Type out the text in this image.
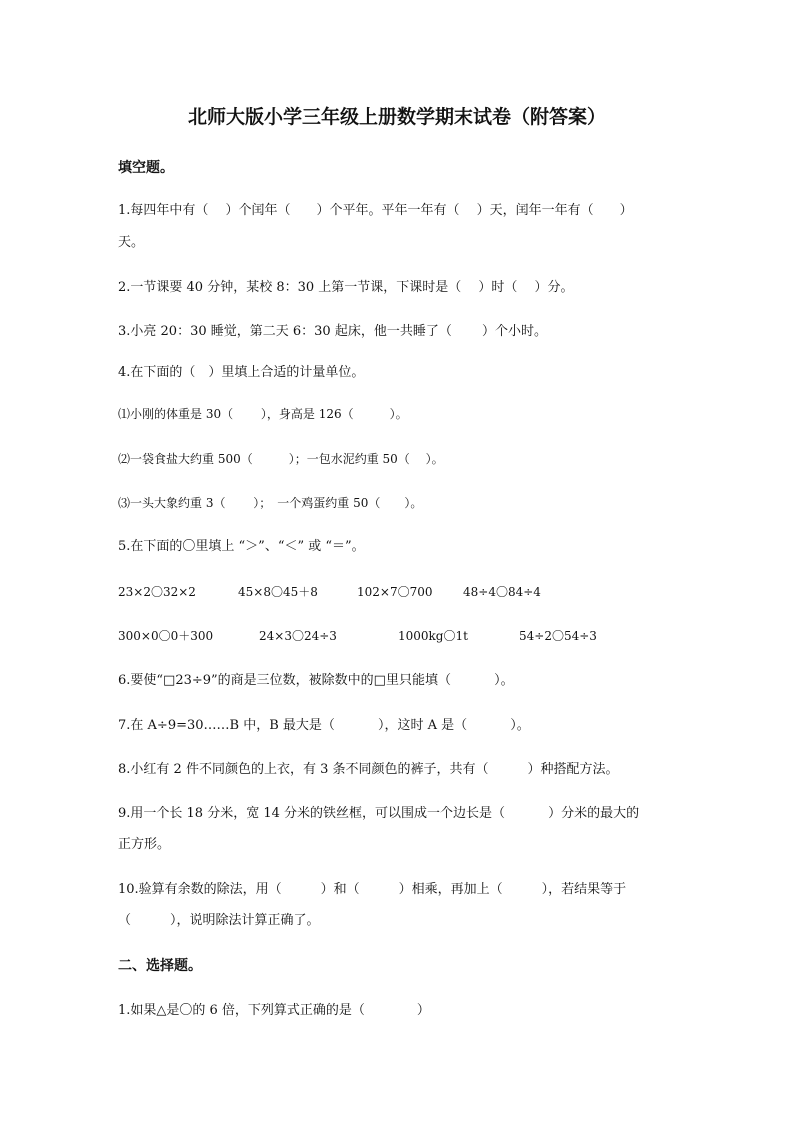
北师大版小学三年级上册数学期末试卷（附答案）
填空题。
1.每四年中有（　 ）个闰年（　　）个平年。平年一年有（　 ）天，闰年一年有（　　）
天。
2.一节课要 40 分钟，某校 8：30 上第一节课，下课时是（　 ）时（　 ）分。
3.小亮 20：30 睡觉，第二天 6：30 起床，他一共睡了（　　 ）个小时。
4.在下面的（　）里填上合适的计量单位。
⑴小刚的体重是 30（　　 ），身高是 126（　　　）。
⑵一袋食盐大约重 500（　　　）；一包水泥约重 50（　 ）。
⑶一头大象约重 3（　　 ）；　一个鸡蛋约重 50（　　）。
5.在下面的〇里填上 “＞”、“＜” 或 “＝”。
23×2〇32×2	45×8〇45＋8	102×7〇700	48÷4〇84÷4
300×0〇0＋300	24×3〇24÷3	1000kg〇1t	54÷2〇54÷3
6.要使“□23÷9”的商是三位数，被除数中的□里只能填（　　　 ）。
7.在 A÷9=30……B 中，B 最大是（　　　 ），这时 A 是（　　　 ）。
8.小红有 2 件不同颜色的上衣，有 3 条不同颜色的裤子，共有（　　　）种搭配方法。
9.用一个长 18 分米，宽 14 分米的铁丝框，可以围成一个边长是（　　　 ）分米的最大的
正方形。
10.验算有余数的除法，用（　　　）和（　　　）相乘，再加上（　　　），若结果等于
（　　　），说明除法计算正确了。
二、选择题。
1.如果△是〇的 6 倍，下列算式正确的是（　　　　）
